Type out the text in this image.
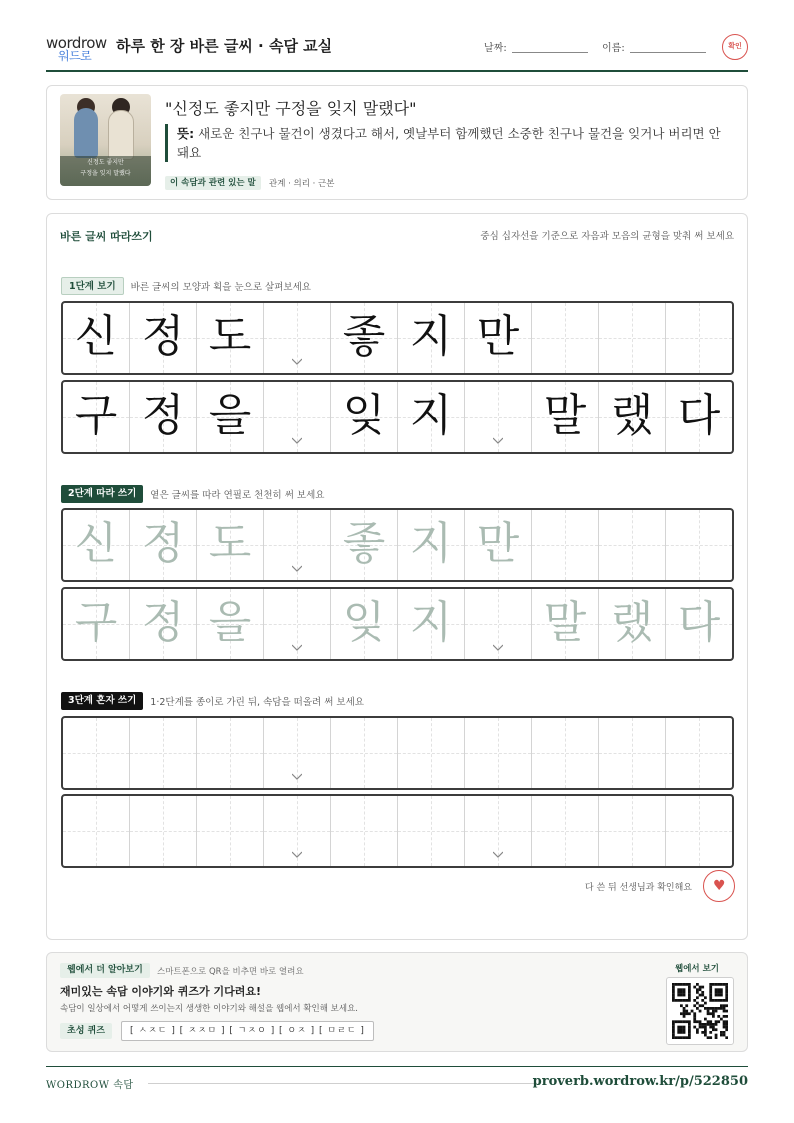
wordrow
워드로
하루 한 장 바른 글씨 · 속담 교실	날짜:	이름:	확인
신정도 좋지만
구정을 잊지 말랬다
"신정도 좋지만 구정을 잊지 말랬다"
뜻: 새로운 친구나 물건이 생겼다고 해서, 옛날부터 함께했던 소중한 친구나 물건을 잊거나 버리면 안 돼요
이 속담과 관련 있는 말	관계 · 의리 · 근본
바른 글씨 따라쓰기	중심 십자선을 기준으로 자음과 모음의 균형을 맞춰 써 보세요
1단계 보기	바른 글씨의 모양과 획을 눈으로 살펴보세요
신 정 도 좋 지 만
구 정 을 잊 지 말 랬 다
2단계 따라 쓰기	옅은 글씨를 따라 연필로 천천히 써 보세요
신 정 도 좋 지 만
구 정 을 잊 지 말 랬 다
3단계 혼자 쓰기	1·2단계를 종이로 가린 뒤, 속담을 떠올려 써 보세요
다 쓴 뒤 선생님과 확인해요 ♥
웹에서 더 알아보기	스마트폰으로 QR을 비추면 바로 열려요
재미있는 속담 이야기와 퀴즈가 기다려요!
속담이 일상에서 어떻게 쓰이는지 생생한 이야기와 해설을 웹에서 확인해 보세요.
초성 퀴즈	[ ㅅㅈㄷ ] [ ㅈㅈㅁ ] [ ㄱㅈㅇ ] [ ㅇㅈ ] [ ㅁㄹㄷ ]
웹에서 보기
WORDROW 속담	proverb.wordrow.kr/p/522850
